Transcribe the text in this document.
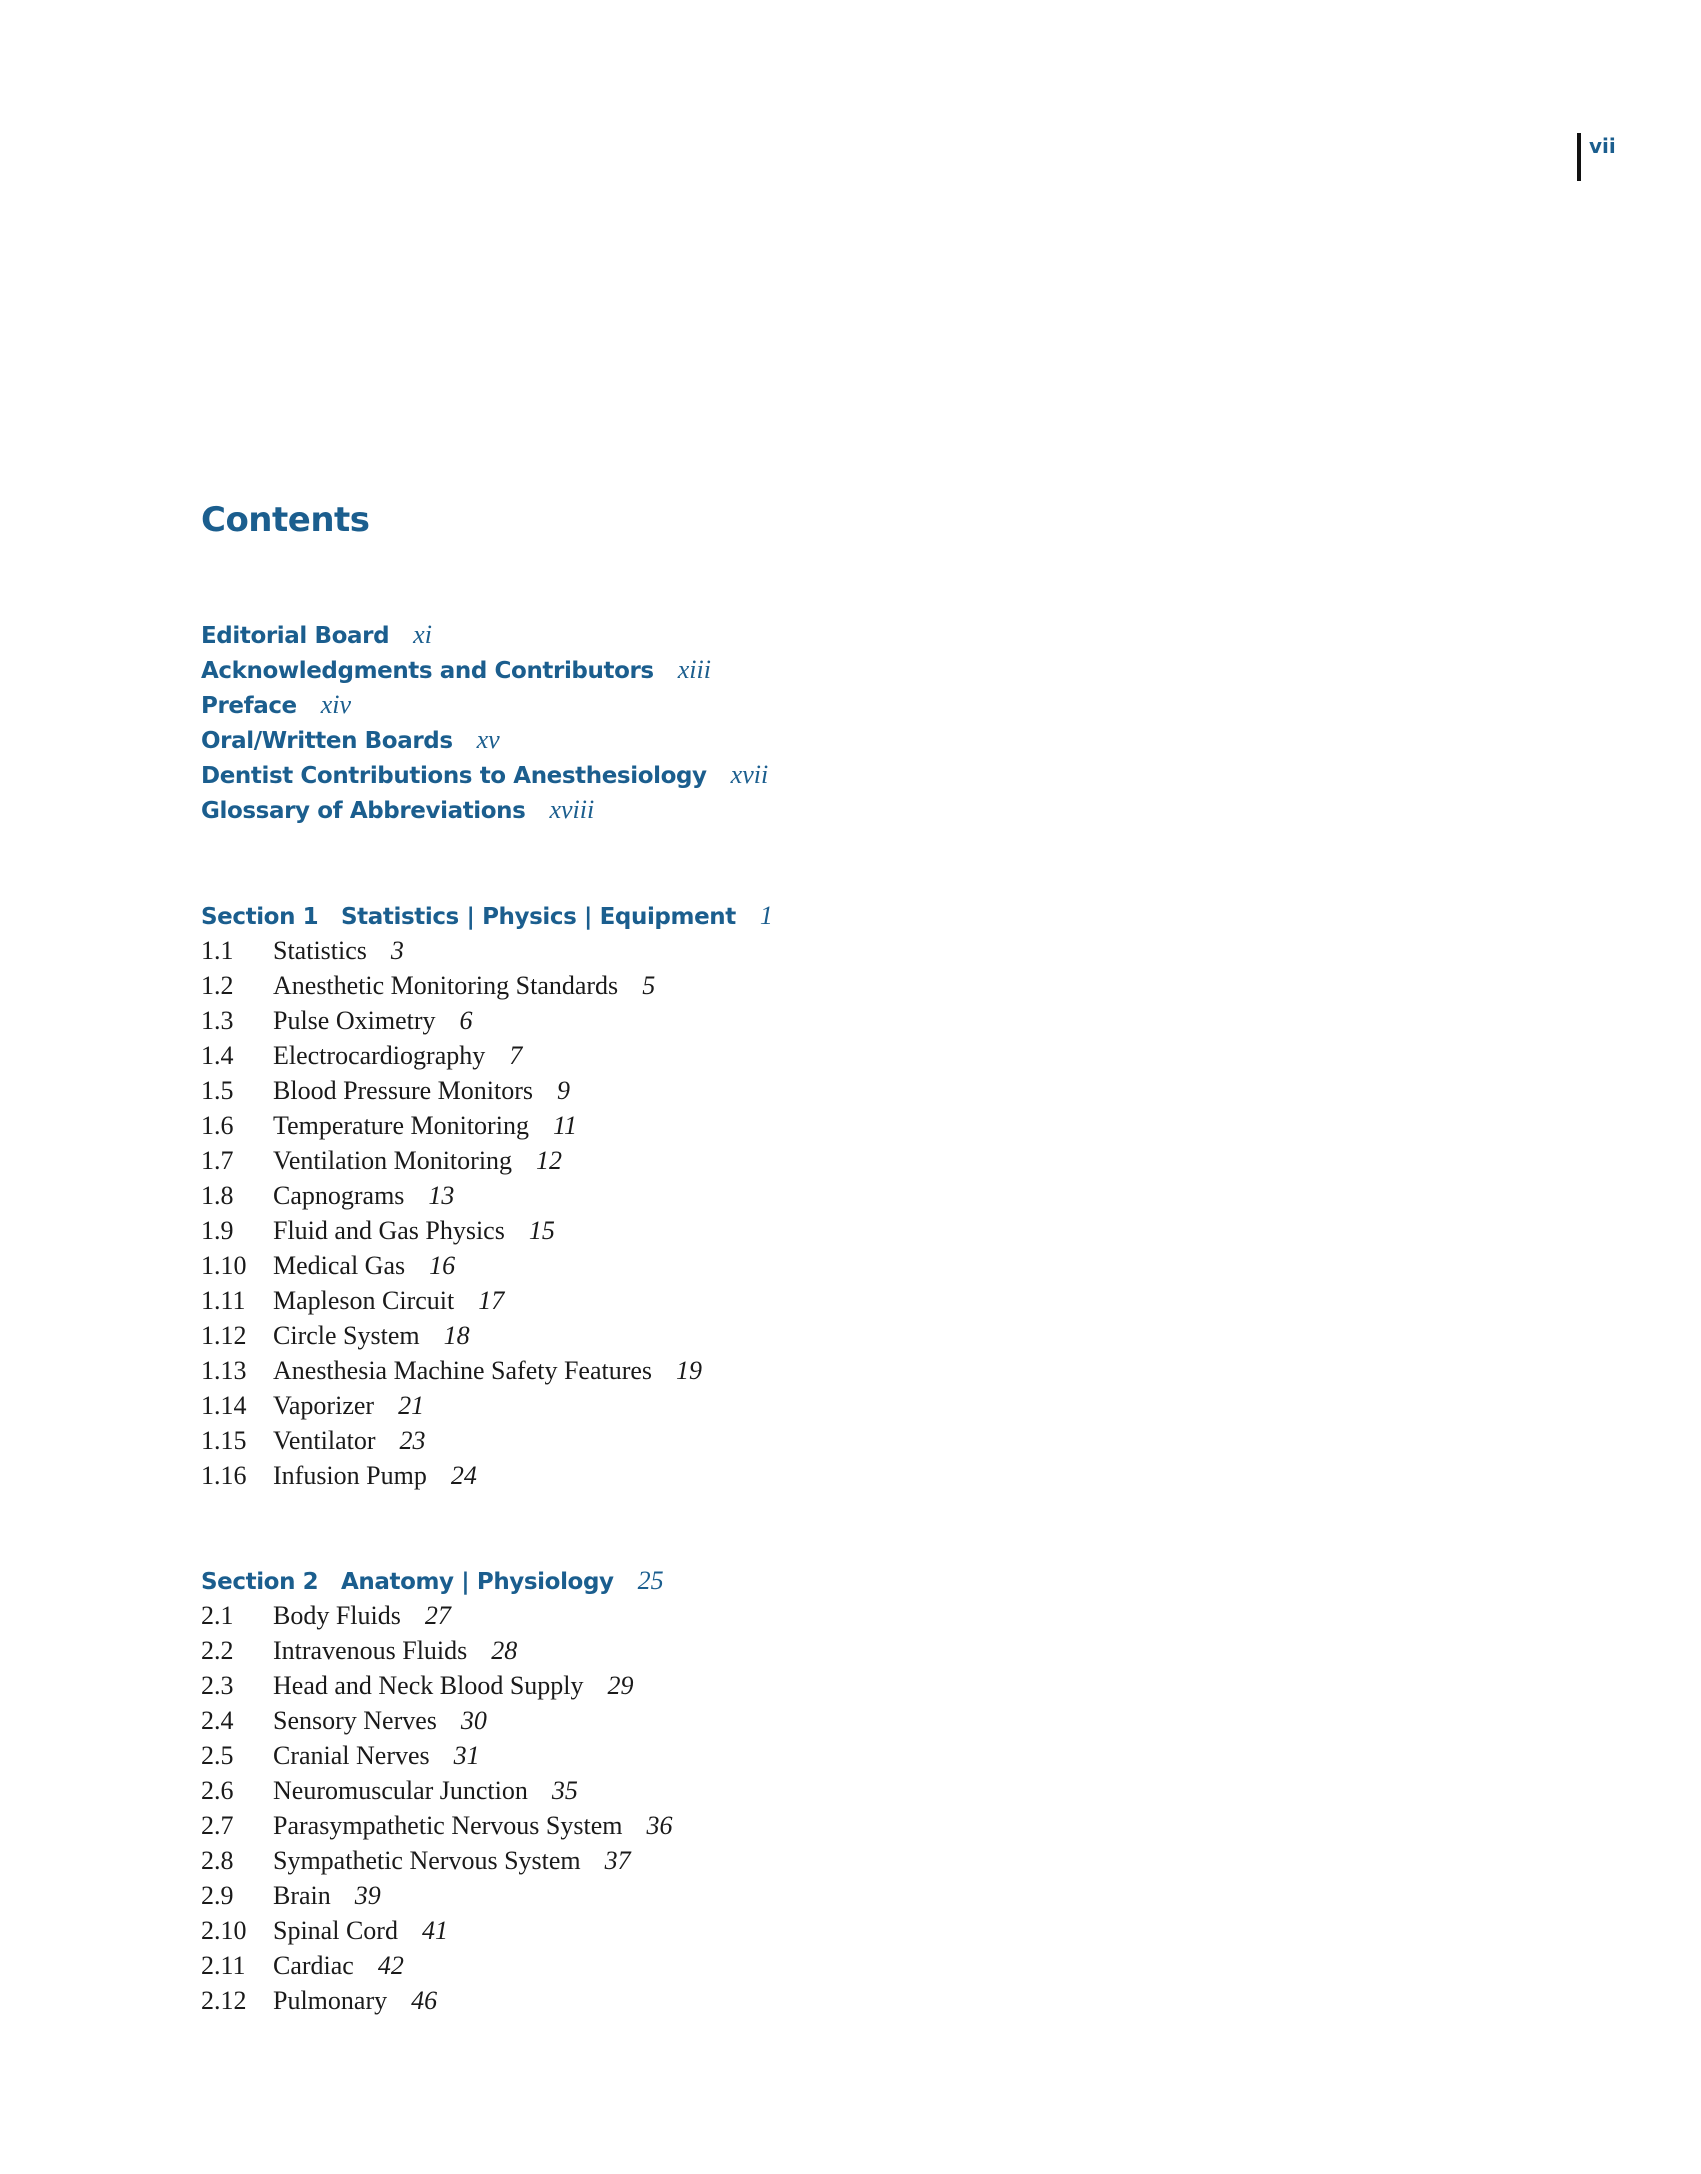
vii
Contents
Editorial Board xi
Acknowledgments and Contributors xiii
Preface xiv
Oral/Written Boards xv
Dentist Contributions to Anesthesiology xvii
Glossary of Abbreviations xviii
Section 1 Statistics | Physics | Equipment 1
1.1 Statistics 3
1.2 Anesthetic Monitoring Standards 5
1.3 Pulse Oximetry 6
1.4 Electrocardiography 7
1.5 Blood Pressure Monitors 9
1.6 Temperature Monitoring 11
1.7 Ventilation Monitoring 12
1.8 Capnograms 13
1.9 Fluid and Gas Physics 15
1.10 Medical Gas 16
1.11 Mapleson Circuit 17
1.12 Circle System 18
1.13 Anesthesia Machine Safety Features 19
1.14 Vaporizer 21
1.15 Ventilator 23
1.16 Infusion Pump 24
Section 2 Anatomy | Physiology 25
2.1 Body Fluids 27
2.2 Intravenous Fluids 28
2.3 Head and Neck Blood Supply 29
2.4 Sensory Nerves 30
2.5 Cranial Nerves 31
2.6 Neuromuscular Junction 35
2.7 Parasympathetic Nervous System 36
2.8 Sympathetic Nervous System 37
2.9 Brain 39
2.10 Spinal Cord 41
2.11 Cardiac 42
2.12 Pulmonary 46
